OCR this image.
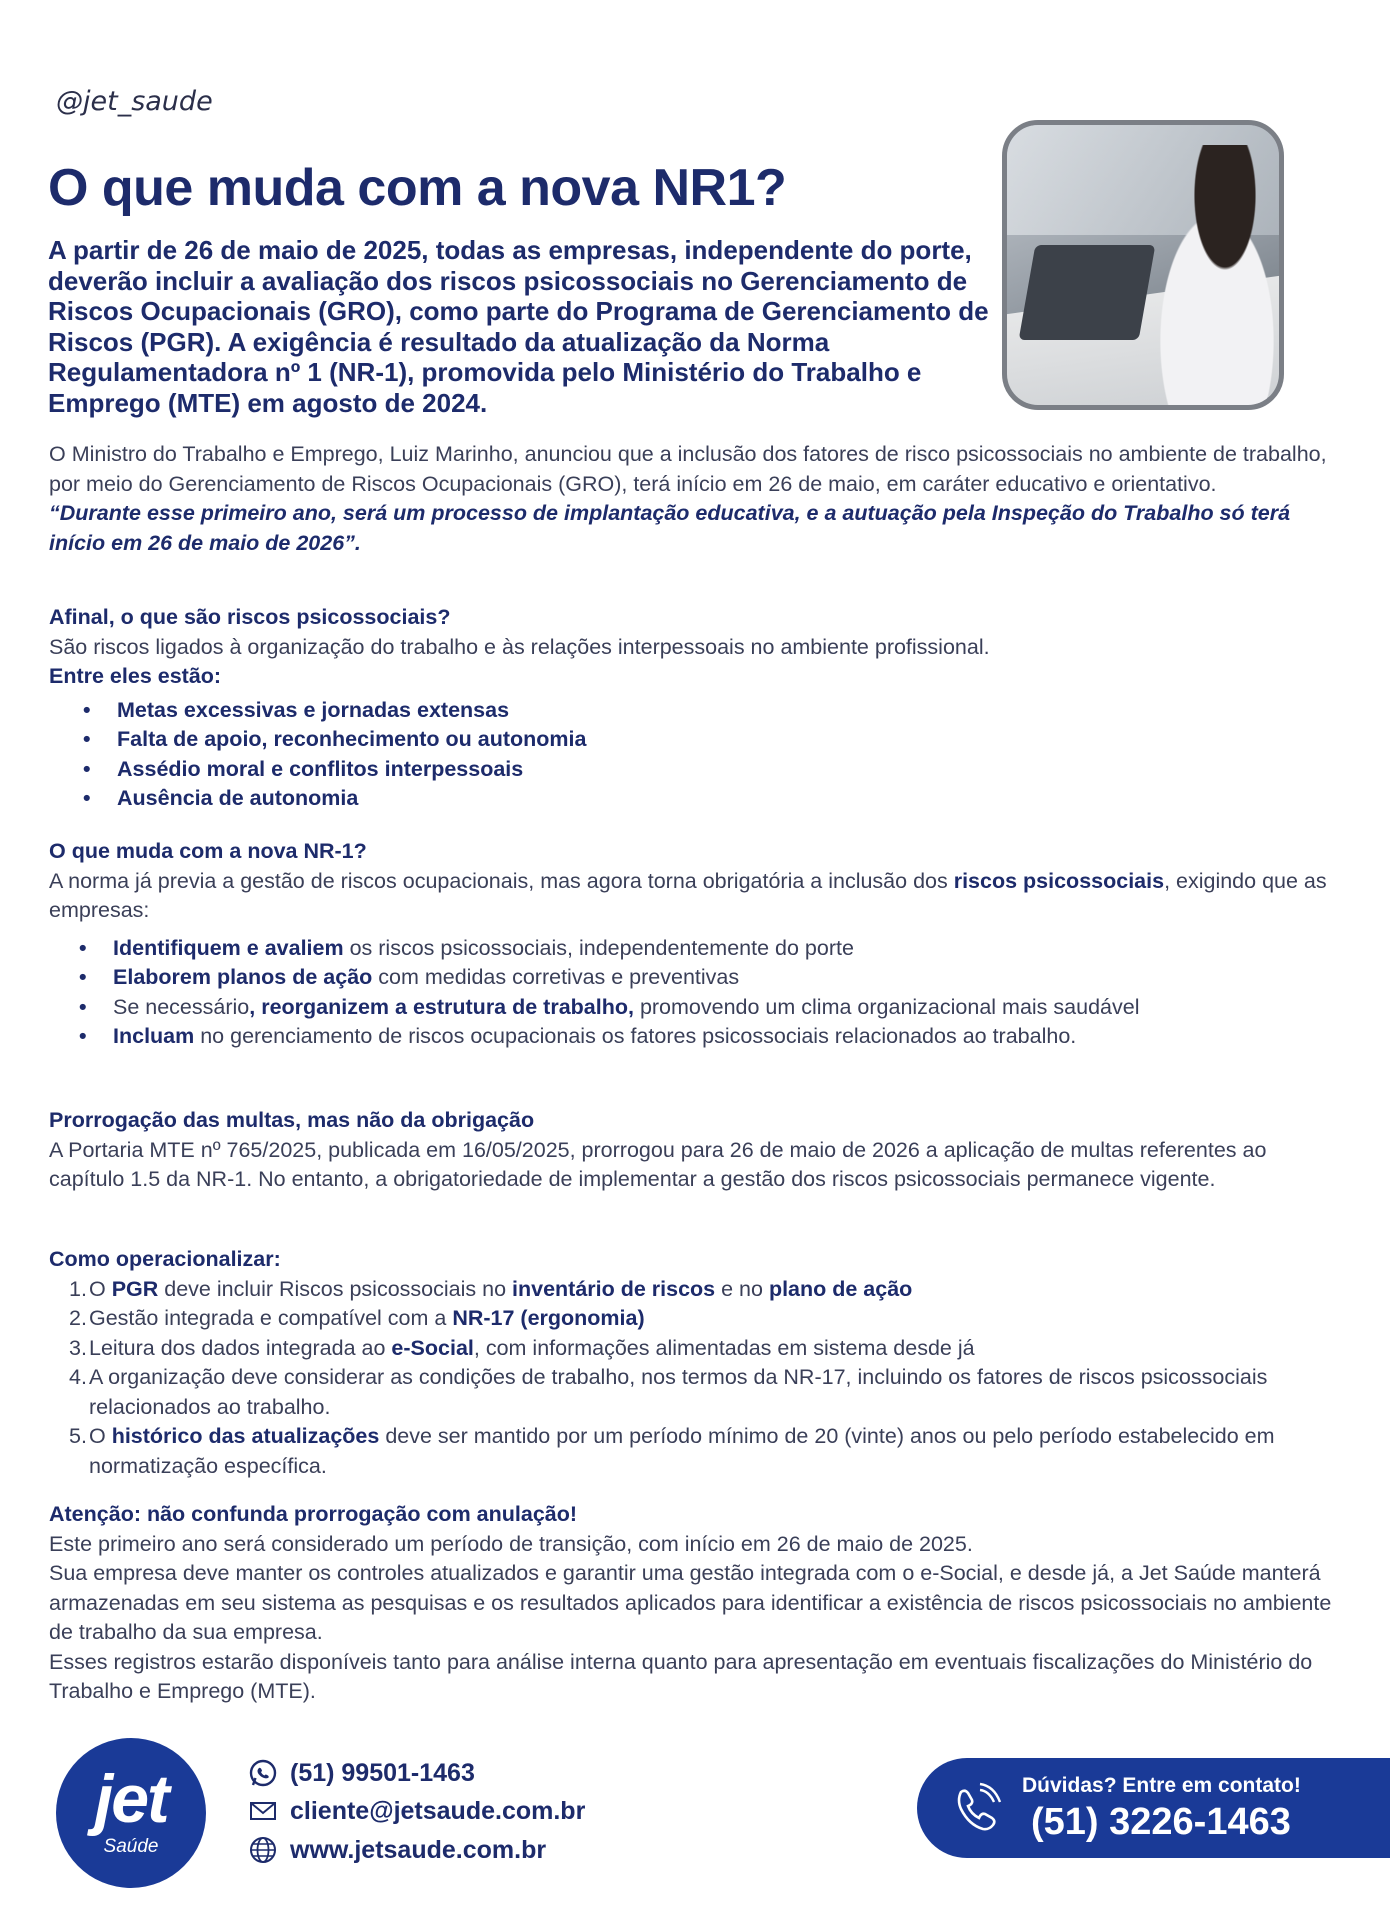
@jet_saude
O que muda com a nova NR1?

A partir de 26 de maio de 2025, todas as empresas, independente do porte, deverão incluir a avaliação dos riscos psicossociais no Gerenciamento de Riscos Ocupacionais (GRO), como parte do Programa de Gerenciamento de Riscos (PGR). A exigência é resultado da atualização da Norma Regulamentadora nº 1 (NR-1), promovida pelo Ministério do Trabalho e Emprego (MTE) em agosto de 2024.

O Ministro do Trabalho e Emprego, Luiz Marinho, anunciou que a inclusão dos fatores de risco psicossociais no ambiente de trabalho, por meio do Gerenciamento de Riscos Ocupacionais (GRO), terá início em 26 de maio, em caráter educativo e orientativo.

“Durante esse primeiro ano, será um processo de implantação educativa, e a autuação pela Inspeção do Trabalho só terá início em 26 de maio de 2026”.

Afinal, o que são riscos psicossociais?

São riscos ligados à organização do trabalho e às relações interpessoais no ambiente profissional.

Entre eles estão:

• Metas excessivas e jornadas extensas
• Falta de apoio, reconhecimento ou autonomia
• Assédio moral e conflitos interpessoais
• Ausência de autonomia

O que muda com a nova NR-1?

A norma já previa a gestão de riscos ocupacionais, mas agora torna obrigatória a inclusão dos riscos psicossociais, exigindo que as empresas:

• Identifiquem e avaliem os riscos psicossociais, independentemente do porte
• Elaborem planos de ação com medidas corretivas e preventivas
• Se necessário, reorganizem a estrutura de trabalho, promovendo um clima organizacional mais saudável
• Incluam no gerenciamento de riscos ocupacionais os fatores psicossociais relacionados ao trabalho.

Prorrogação das multas, mas não da obrigação

A Portaria MTE nº 765/2025, publicada em 16/05/2025, prorrogou para 26 de maio de 2026 a aplicação de multas referentes ao capítulo 1.5 da NR-1. No entanto, a obrigatoriedade de implementar a gestão dos riscos psicossociais permanece vigente.

Como operacionalizar:

1. O PGR deve incluir Riscos psicossociais no inventário de riscos e no plano de ação
2. Gestão integrada e compatível com a NR-17 (ergonomia)
3. Leitura dos dados integrada ao e-Social, com informações alimentadas em sistema desde já
4. A organização deve considerar as condições de trabalho, nos termos da NR-17, incluindo os fatores de riscos psicossociais relacionados ao trabalho.
5. O histórico das atualizações deve ser mantido por um período mínimo de 20 (vinte) anos ou pelo período estabelecido em normatização específica.

Atenção: não confunda prorrogação com anulação!

Este primeiro ano será considerado um período de transição, com início em 26 de maio de 2025.

Sua empresa deve manter os controles atualizados e garantir uma gestão integrada com o e-Social, e desde já, a Jet Saúde manterá armazenadas em seu sistema as pesquisas e os resultados aplicados para identificar a existência de riscos psicossociais no ambiente de trabalho da sua empresa.

Esses registros estarão disponíveis tanto para análise interna quanto para apresentação em eventuais fiscalizações do Ministério do Trabalho e Emprego (MTE).

jet
Saúde
(51) 99501-1463
cliente@jetsaude.com.br
www.jetsaude.com.br
Dúvidas? Entre em contato!
(51) 3226-1463
